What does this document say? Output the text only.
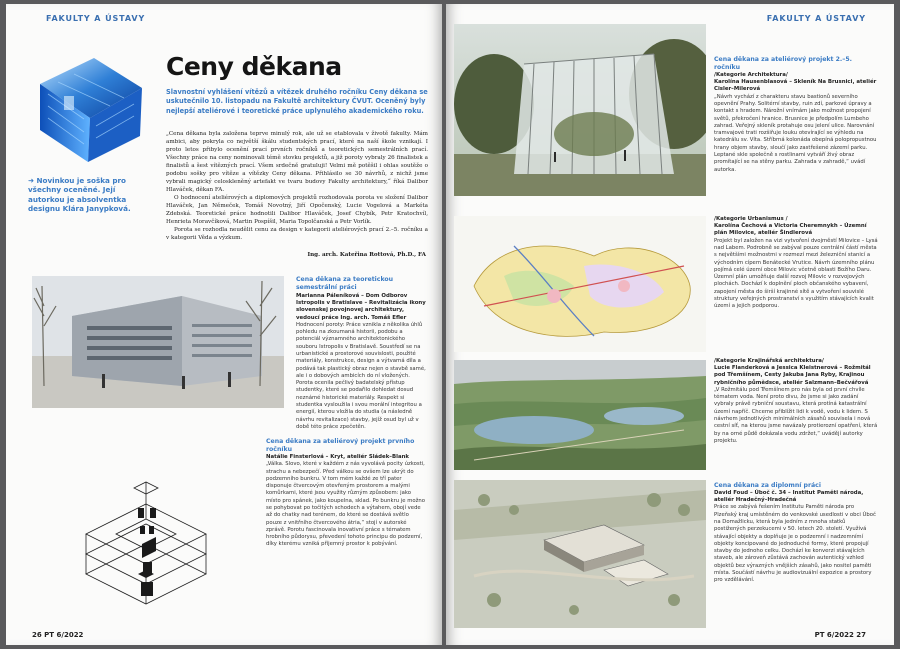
FAKULTY A ÚSTAVY
➜ Novinkou je soška pro všechny oceněné. Její autorkou je absolventka designu Klára Janypková.
Ceny děkana
Slavnostní vyhlášení vítězů a vítězek druhého ročníku Ceny děkana se uskutečnilo 10. listopadu na Fakultě architektury ČVUT. Oceněný byly nejlepší ateliérové i teoretické práce uplynulého akademického roku.

„Cena děkana byla založena teprve minulý rok, ale už se etablovala v životě fakulty. Mám ambici, aby pokryla co největší škálu studentských prací, které na naší škole vznikají. I proto letos přibylo ocenění prací prvních ročníků a teoretických semestrálních prací. Všechny práce na ceny nominovali témě stovku projektů, a již poroty vybraly 26 finalistek a finalistů a šest vítězných prací. Všem srdečně gratuluji! Velmi mě potěšil i ohlas soutěže o podobu sošky pro vítěze a vítězky Ceny děkana. Přihlásilo se 30 návrhů, z nichž jsme vybrali magický celoskleněný artefakt ve tvaru budovy Fakulty architektury,“ říká Dalibor Hlaváček, děkan FA.

O hodnocení ateliérových a diplomových projektů rozhodovala porota ve složení Dalibor Hlaváček, Jan Němeček, Tomáš Novotný, Jiří Opočenský, Lucie Vogelová a Markéta Zdebská. Teoretické práce hodnotili Dalibor Hlaváček, Josef Chybík, Petr Kratochvíl, Henrieta Moravčíková, Martin Pospíšil, Maria Topolčanská a Petr Vorlík.

Porota se rozhodla neudělit cenu za design v kategorii ateliérových prací 2.–5. ročníku a v kategorii Věda a výzkum.

Ing. arch. Kateřina Rottová, Ph.D., FA
Cena děkana za teoretickou semestrální práci
Marianna Páleníková – Dom Odborov Istropolis v Bratislave – Revitalizácia ikony slovenskej povojnovej architektury, vedoucí práce Ing. arch. Tomáš Efler
Hodnocení poroty: Práce vznikla z několika úhlů pohledu na zkoumaná historii, podobu a potenciál významného architektonického souboru Istropolis v Bratislavě. Soustředí se na urbanistické a prostorové souvislosti, použité materiály, konstrukce, design a výtvarná díla a podává tak plastický obraz nejen o stavbě samé, ale i o dobových ambicích do ní vložených. Porota ocenila pečlivý badatelský přístup studentky, které se podařilo dohledat dosud neznámé historické materiály. Respekt si studentka vysloužila i svou morální integritou a energií, kterou vložila do studia (a následně návrhu revitalizace) stavby, jejíž osud byl už v době této práce zpečetěn.
Cena děkana za ateliérový projekt prvního ročníku
Natálie Finsterlová – Kryt, ateliér Sládek–Blank
„Válka. Slovo, které v každém z nás vyvolává pocity úzkosti, strachu a nebezpečí. Před válkou se ovšem lze ukrýt do podzemního bunkru. V tom mém každé ze tří pater disponuje čtvercovým otevřeným prostorem a malými komůrkami, které jsou využity různým způsobem: jako místo pro spánek, jako koupelna, sklad. Po bunkru je možno se pohybovat po točitých schodech a výtahem, obojí vede až do chatky nad terénem, do které se dostává světlo pouze z vnitřního čtvercového átria,“ stojí v autorské zprávě. Porotu fascinovala inovativní práce s tématem hrobního půdorysu, převedení tohoto principu do podzemí, díky kterému vzniká příjemný prostor k pobývání.
26 PT 6/2022
FAKULTY A ÚSTAVY
Cena děkana za ateliérový projekt 2.–5. ročníku
/Kategorie Architektura/
Karolína Hausenblasová – Skleník Na Brusnici, ateliér Cisler–Milerová
„Návrh vychází z charakteru stavu bastionů severního opevnění Prahy. Solitérní stavby, ruin zdí, parkové úpravy a kontakt s hradem. Nárožní vnímám jako možnost propojení světů, překročení hranice. Brusnice je předpolím Lumbeho zahrad. Veřejný skleník protahuje osu jelení ulice. Narovnání tramvajové trati rozšiřuje louku otevírající se výhledu na katedrálu sv. Víta. Stříbrná kolonáda obepíná polopropustnou hrany objem stavby, sloučí jako zastřešené zázemí parku. Leptané skle společně s rostlinami vytváří živý obraz promítající se na stěny parku. Zahrada v zahradě,“ uvádí autorka.
/Kategorie Urbanismus /
Karolína Čechová a Victoria Cheremnykh – Územní plán Milovice, ateliér Šindlerová
Projekt byl založen na vizi vytvoření dvojměstí Milovice – Lysá nad Labem. Podrobně se zabýval pouze centrální částí města s největšími možnostmi v rozmezí mezi železniční stanicí a východním cípem Benátecké Vrutice. Návrh územního plánu pojímá celé území obce Milovic včetně oblasti Božího Daru. Územní plán umožňuje další rozvoj Milovic v rozvojových plochách. Dochází k doplnění ploch občanského vybavení, zapojení města do širší krajinné sítě a vytvoření souvislé struktury veřejných prostranství s využitím stávajících kvalit území a jejich podporou.
/Kategorie Krajinářská architektura/
Lucie Flanderková a Jessica Kleistnerová – Rožmitál pod Třemšínem, Cesty Jakuba Jana Ryby, Krajinou rybničního půmědsce, ateliér Salzmann–Bečvářová
„V Rožmitálu pod Třemšínem pro nás byla od první chvíle tématem voda. Není proto divu, že jsme si jako zadání vybraly právě rybniční soustavu, která protíná katastrální území napříč. Chceme přiblížit lidi k vodě, vodu k lidem. S návrhem jednotlivých minimálních zásahů souvisela i nová cestní síť, na kterou jsme navázaly protierozní opatření, která by na orné půdě dokázala vodu zdržet,“ uvádějí autorky projektu.
Cena děkana za diplomní práci
David Foud – Úboč č. 34 – Institut Paměti národa, ateliér Hradečný–Hradečná
Práce se zabývá řešením Institutu Paměti národa pro Plzeňský kraj umístěném do venkovské usedlosti v obci Úboč na Domažlicku, která byla jedním z mnoha statků postižených perzekucemi v 50. letech 20. století. Využívá stávající objekty a doplňuje je o podzemní i nadzemnímí objekty koncipované do jednoduché formy, které propojují stavby do jednoho celku. Dochází ke konverzi stávajících staveb, ale zároveň zůstává zachován autentický vzhled objektů bez výrazných vnějších zásahů, jako nositel paměti místa. Součástí návrhu je audiovizuální expozice a prostory pro vzdělávání.
PT 6/2022 27
